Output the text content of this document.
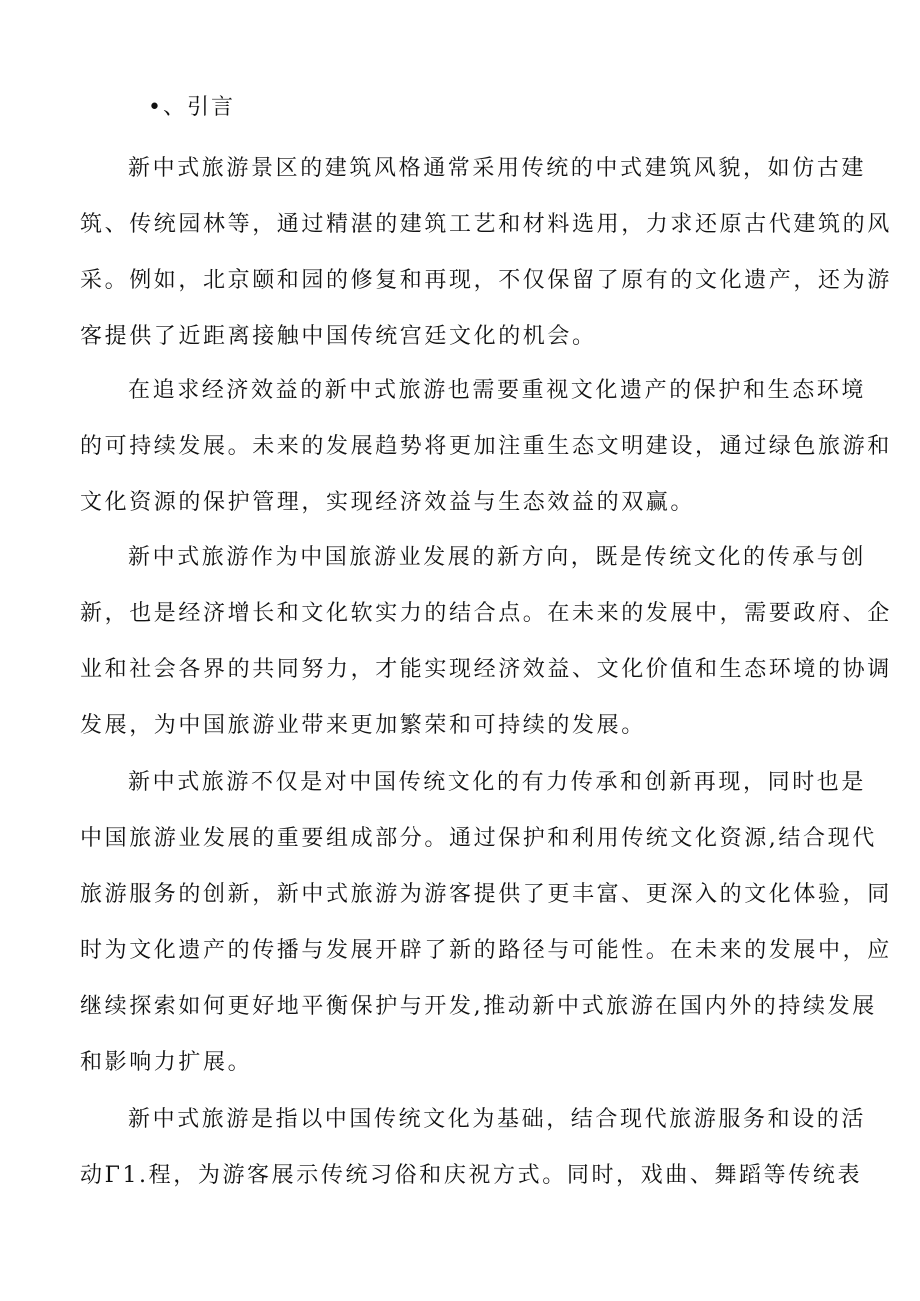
•、引言

新中式旅游景区的建筑风格通常采用传统的中式建筑风貌，如仿古建
筑、传统园林等，通过精湛的建筑工艺和材料选用，力求还原古代建筑的风
采。例如，北京颐和园的修复和再现，不仅保留了原有的文化遗产，还为游
客提供了近距离接触中国传统宫廷文化的机会。

在追求经济效益的新中式旅游也需要重视文化遗产的保护和生态环境
的可持续发展。未来的发展趋势将更加注重生态文明建设，通过绿色旅游和
文化资源的保护管理，实现经济效益与生态效益的双赢。

新中式旅游作为中国旅游业发展的新方向，既是传统文化的传承与创
新，也是经济增长和文化软实力的结合点。在未来的发展中，需要政府、企
业和社会各界的共同努力，才能实现经济效益、文化价值和生态环境的协调
发展，为中国旅游业带来更加繁荣和可持续的发展。

新中式旅游不仅是对中国传统文化的有力传承和创新再现，同时也是
中国旅游业发展的重要组成部分。通过保护和利用传统文化资源,结合现代
旅游服务的创新，新中式旅游为游客提供了更丰富、更深入的文化体验，同
时为文化遗产的传播与发展开辟了新的路径与可能性。在未来的发展中，应
继续探索如何更好地平衡保护与开发,推动新中式旅游在国内外的持续发展
和影响力扩展。

新中式旅游是指以中国传统文化为基础，结合现代旅游服务和设的活
动Γ1.程，为游客展示传统习俗和庆祝方式。同时，戏曲、舞蹈等传统表
